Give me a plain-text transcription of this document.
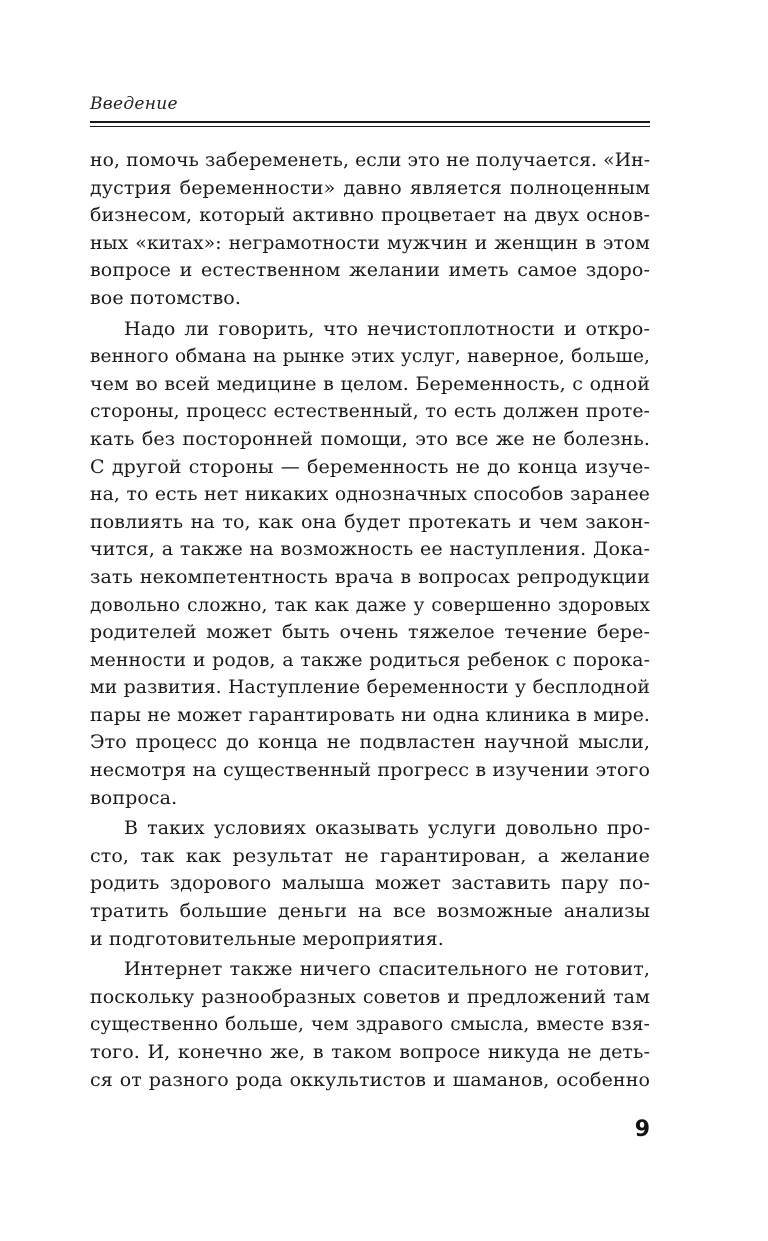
Введение
но, помочь забеременеть, если это не получается. «Ин-
дустрия беременности» давно является полноценным
бизнесом, который активно процветает на двух основ-
ных «китах»: неграмотности мужчин и женщин в этом
вопросе и естественном желании иметь самое здоро-
вое потомство.
Надо ли говорить, что нечистоплотности и откро-
венного обмана на рынке этих услуг, наверное, больше,
чем во всей медицине в целом. Беременность, с одной
стороны, процесс естественный, то есть должен проте-
кать без посторонней помощи, это все же не болезнь.
С другой стороны — беременность не до конца изуче-
на, то есть нет никаких однозначных способов заранее
повлиять на то, как она будет протекать и чем закон-
чится, а также на возможность ее наступления. Дока-
зать некомпетентность врача в вопросах репродукции
довольно сложно, так как даже у совершенно здоровых
родителей может быть очень тяжелое течение бере-
менности и родов, а также родиться ребенок с порока-
ми развития. Наступление беременности у бесплодной
пары не может гарантировать ни одна клиника в мире.
Это процесс до конца не подвластен научной мысли,
несмотря на существенный прогресс в изучении этого
вопроса.
В таких условиях оказывать услуги довольно про-
сто, так как результат не гарантирован, а желание
родить здорового малыша может заставить пару по-
тратить большие деньги на все возможные анализы
и подготовительные мероприятия.
Интернет также ничего спасительного не готовит,
поскольку разнообразных советов и предложений там
существенно больше, чем здравого смысла, вместе взя-
того. И, конечно же, в таком вопросе никуда не деть-
ся от разного рода оккультистов и шаманов, особенно
9
